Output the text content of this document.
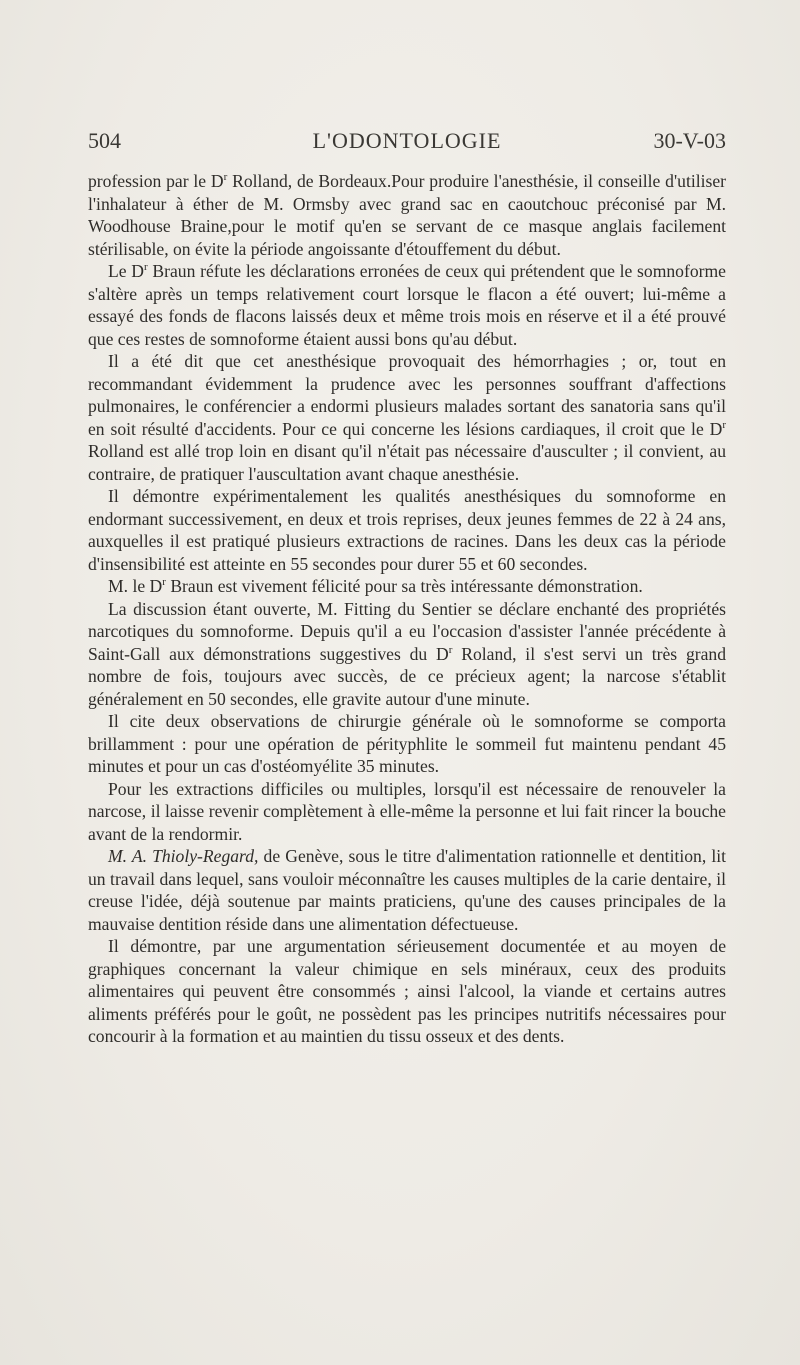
504	L'ODONTOLOGIE	30-V-03

profession par le $D^r$ Rolland, de Bordeaux.Pour produire l'anesthésie, il conseille d'utiliser l'inhalateur à éther de M. Ormsby avec grand sac en caoutchouc préconisé par M. Woodhouse Braine,pour le motif qu'en se servant de ce masque anglais facilement stérilisable, on évite la période angoissante d'étouffement du début.

Le $D^r$ Braun réfute les déclarations erronées de ceux qui prétendent que le somnoforme s'altère après un temps relativement court lorsque le flacon a été ouvert; lui-même a essayé des fonds de flacons laissés deux et même trois mois en réserve et il a été prouvé que ces restes de somnoforme étaient aussi bons qu'au début.

Il a été dit que cet anesthésique provoquait des hémorrhagies ; or, tout en recommandant évidemment la prudence avec les personnes souffrant d'affections pulmonaires, le conférencier a endormi plusieurs malades sortant des sanatoria sans qu'il en soit résulté d'accidents. Pour ce qui concerne les lésions cardiaques, il croit que le $D^r$ Rolland est allé trop loin en disant qu'il n'était pas nécessaire d'ausculter ; il convient, au contraire, de pratiquer l'auscultation avant chaque anesthésie.

Il démontre expérimentalement les qualités anesthésiques du somnoforme en endormant successivement, en deux et trois reprises, deux jeunes femmes de 22 à 24 ans, auxquelles il est pratiqué plusieurs extractions de racines. Dans les deux cas la période d'insensibilité est atteinte en 55 secondes pour durer 55 et 60 secondes.

M. le $D^r$ Braun est vivement félicité pour sa très intéressante démonstration.

La discussion étant ouverte, M. Fitting du Sentier se déclare enchanté des propriétés narcotiques du somnoforme. Depuis qu'il a eu l'occasion d'assister l'année précédente à Saint-Gall aux démonstrations suggestives du $D^r$ Roland, il s'est servi un très grand nombre de fois, toujours avec succès, de ce précieux agent; la narcose s'établit généralement en 50 secondes, elle gravite autour d'une minute.

Il cite deux observations de chirurgie générale où le somnoforme se comporta brillamment : pour une opération de pérityphlite le sommeil fut maintenu pendant 45 minutes et pour un cas d'ostéomyélite 35 minutes.

Pour les extractions difficiles ou multiples, lorsqu'il est nécessaire de renouveler la narcose, il laisse revenir complètement à elle-même la personne et lui fait rincer la bouche avant de la rendormir.

M. A. Thioly-Regard, de Genève, sous le titre d'alimentation rationnelle et dentition, lit un travail dans lequel, sans vouloir méconnaître les causes multiples de la carie dentaire, il creuse l'idée, déjà soutenue par maints praticiens, qu'une des causes principales de la mauvaise dentition réside dans une alimentation défectueuse.

Il démontre, par une argumentation sérieusement documentée et au moyen de graphiques concernant la valeur chimique en sels minéraux, ceux des produits alimentaires qui peuvent être consommés ; ainsi l'alcool, la viande et certains autres aliments préférés pour le goût, ne possèdent pas les principes nutritifs nécessaires pour concourir à la formation et au maintien du tissu osseux et des dents.
